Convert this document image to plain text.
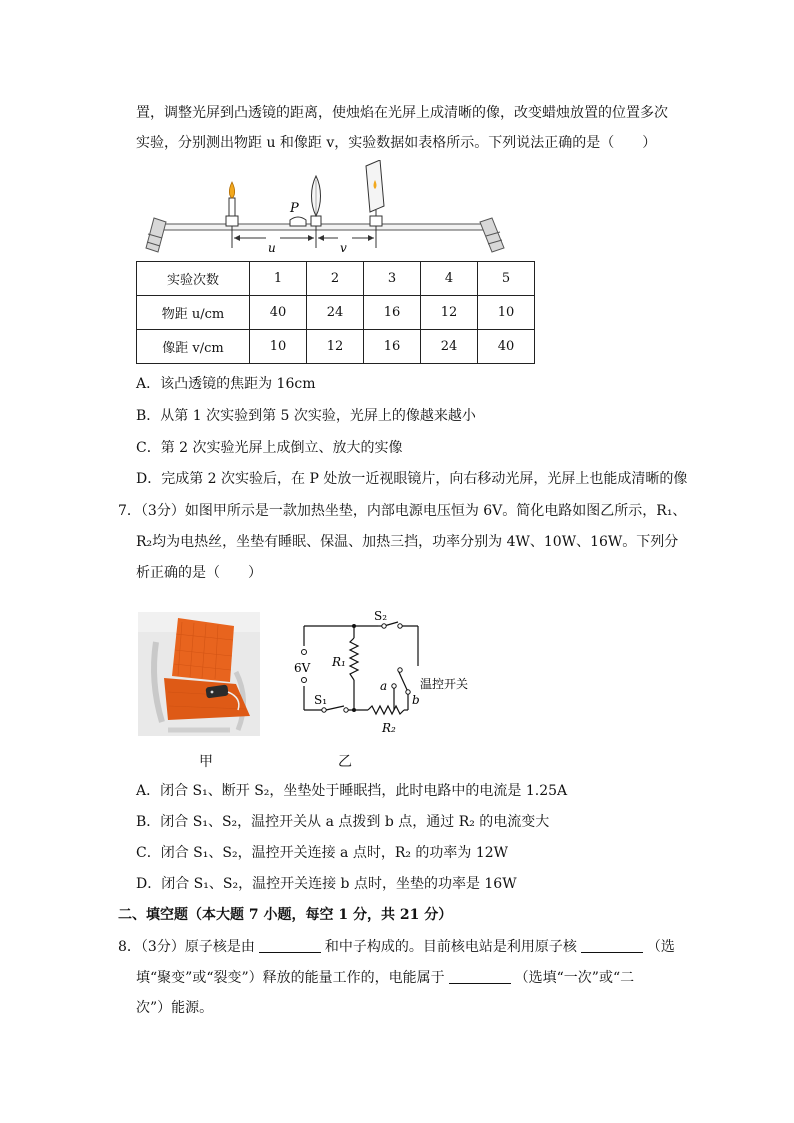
置，调整光屏到凸透镜的距离，使烛焰在光屏上成清晰的像，改变蜡烛放置的位置多次
实验，分别测出物距 u 和像距 v，实验数据如表格所示。下列说法正确的是（　　）
P
u	v
实验次数	1	2	3	4	5
物距 u/cm	40	24	16	12	10
像距 v/cm	10	12	16	24	40
A．该凸透镜的焦距为 16cm
B．从第 1 次实验到第 5 次实验，光屏上的像越来越小
C．第 2 次实验光屏上成倒立、放大的实像
D．完成第 2 次实验后，在 P 处放一近视眼镜片，向右移动光屏，光屏上也能成清晰的像
7．（3分）如图甲所示是一款加热坐垫，内部电源电压恒为 6V。简化电路如图乙所示，R₁、
R₂均为电热丝，坐垫有睡眠、保温、加热三挡，功率分别为 4W、10W、16W。下列分
析正确的是（　　）
6V
S₂
S₁
R₁
R₂
a
b
温控开关
甲	乙
A．闭合 S₁、断开 S₂，坐垫处于睡眠挡，此时电路中的电流是 1.25A
B．闭合 S₁、S₂，温控开关从 a 点拨到 b 点，通过 R₂ 的电流变大
C．闭合 S₁、S₂，温控开关连接 a 点时，R₂ 的功率为 12W
D．闭合 S₁、S₂，温控开关连接 b 点时，坐垫的功率是 16W
二、填空题（本大题 7 小题，每空 1 分，共 21 分）
8．（3分）原子核是由	和中子构成的。目前核电站是利用原子核	（选
填“聚变”或“裂变”）释放的能量工作的，电能属于	（选填“一次”或“二
次”）能源。
